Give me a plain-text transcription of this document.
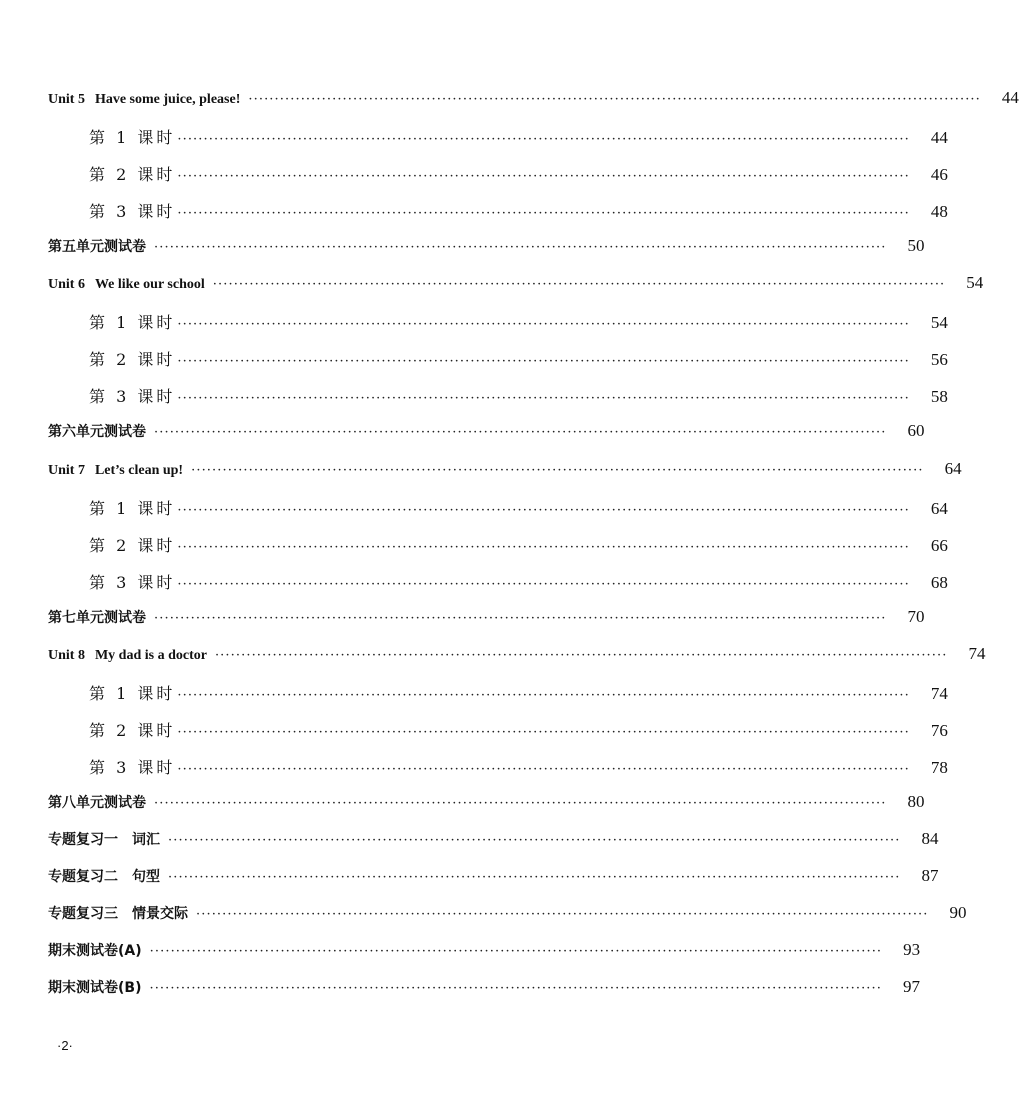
Unit 5 Have some juice, please! ············································································································································	44
第 1 课时 ············································································································································	44
第 2 课时 ············································································································································	46
第 3 课时 ············································································································································	48
第五单元测试卷 ············································································································································	50
Unit 6 We like our school ············································································································································	54
第 1 课时 ············································································································································	54
第 2 课时 ············································································································································	56
第 3 课时 ············································································································································	58
第六单元测试卷 ············································································································································	60
Unit 7 Let’s clean up! ············································································································································	64
第 1 课时 ············································································································································	64
第 2 课时 ············································································································································	66
第 3 课时 ············································································································································	68
第七单元测试卷 ············································································································································	70
Unit 8 My dad is a doctor ············································································································································	74
第 1 课时 ············································································································································	74
第 2 课时 ············································································································································	76
第 3 课时 ············································································································································	78
第八单元测试卷 ············································································································································	80
专题复习一 词汇 ············································································································································	84
专题复习二 句型 ············································································································································	87
专题复习三 情景交际 ············································································································································	90
期末测试卷(A) ············································································································································	93
期末测试卷(B) ············································································································································	97
·2·
